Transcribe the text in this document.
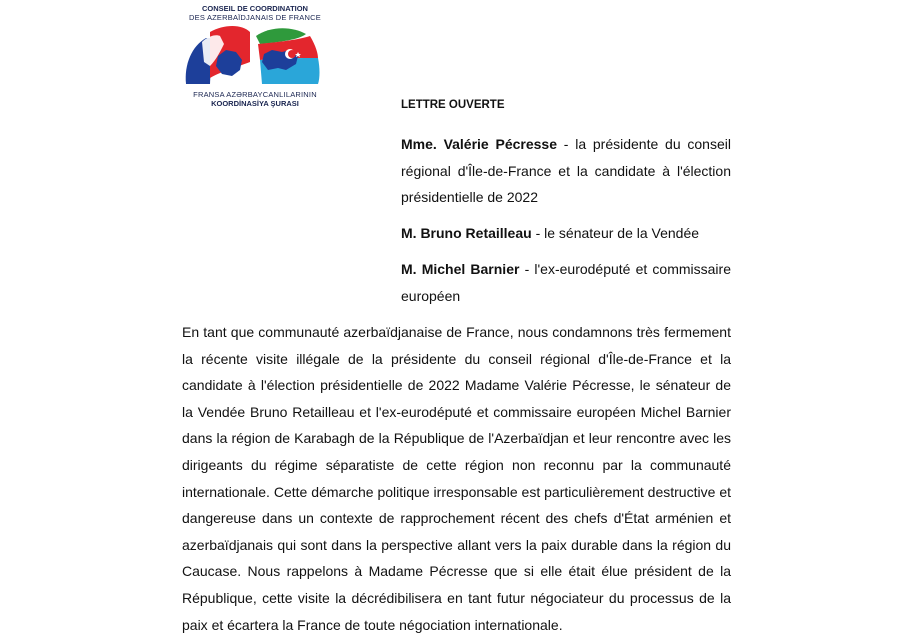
CONSEIL DE COORDINATION
DES AZERBAÏDJANAIS DE FRANCE
FRANSA AZƏRBAYCANLILARININ
KOORDİNASİYA ŞURASI	LETTRE OUVERTE
Mme. Valérie Pécresse - la présidente du conseil régional d'Île-de-France et la candidate à l'élection présidentielle de 2022
M. Bruno Retailleau - le sénateur de la Vendée
M. Michel Barnier - l'ex-eurodéputé et commissaire européen
En tant que communauté azerbaïdjanaise de France, nous condamnons très fermement la récente visite illégale de la présidente du conseil régional d'Île-de-France et la candidate à l'élection présidentielle de 2022 Madame Valérie Pécresse, le sénateur de la Vendée Bruno Retailleau et l'ex-eurodéputé et commissaire européen Michel Barnier dans la région de Karabagh de la République de l'Azerbaïdjan et leur rencontre avec les dirigeants du régime séparatiste de cette région non reconnu par la communauté internationale. Cette démarche politique irresponsable est particulièrement destructive et dangereuse dans un contexte de rapprochement récent des chefs d'État arménien et azerbaïdjanais qui sont dans la perspective allant vers la paix durable dans la région du Caucase. Nous rappelons à Madame Pécresse que si elle était élue président de la République, cette visite la décrédibilisera en tant futur négociateur du processus de la paix et écartera la France de toute négociation internationale.
